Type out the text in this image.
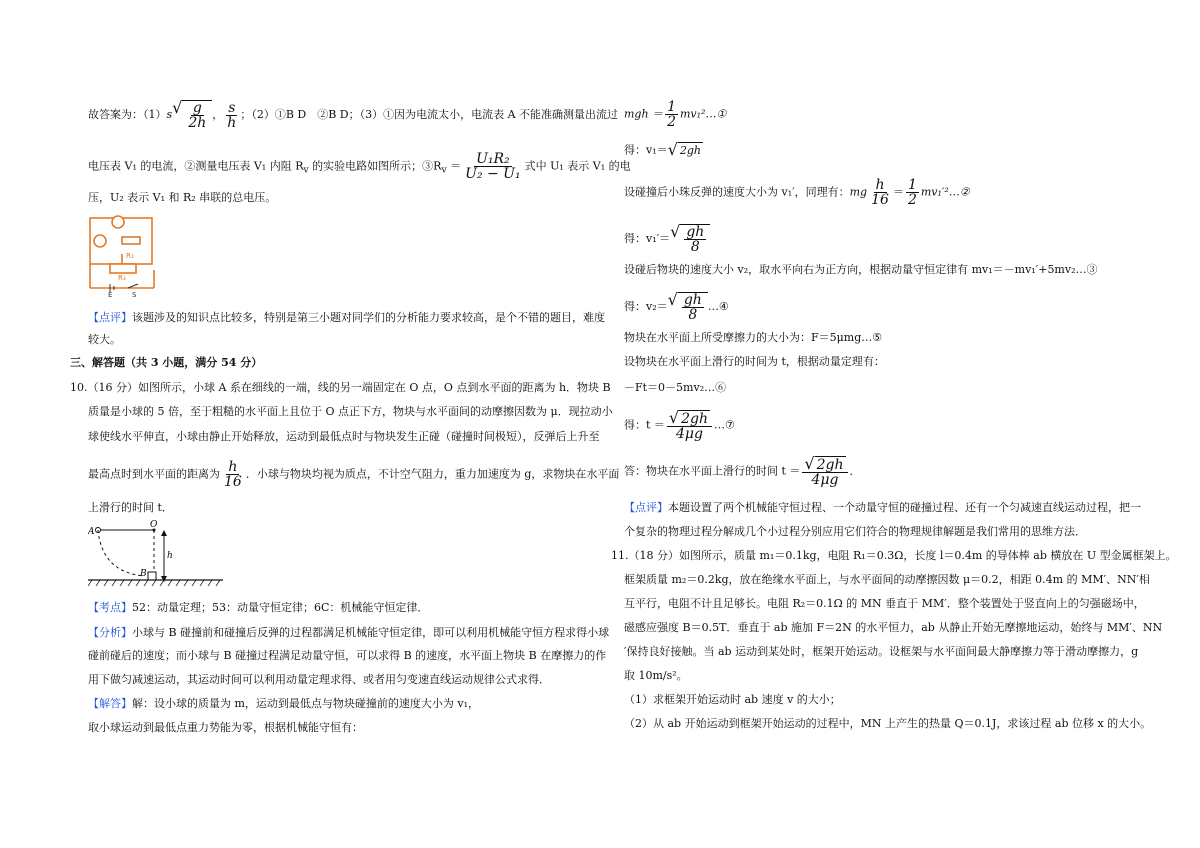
故答案为：（1）s √ $\frac{g}{2h}$ ， $\frac{s}{h}$ ；（2）①B D　②B D；（3）①因为电流太小，电流表 A 不能准确测量出流过
电压表 V₁ 的电流，②测量电压表 V₁ 内阻 $R_v$ 的实验电路如图所示；$③R_v = \frac{\text{U₁R₂}}{\text{U₂ − U₁}}$ 式中 U₁ 表示 V₁ 的电
压，U₂ 表示 V₁ 和 R₂ 串联的总电压。
R₂
R₃
E	S
【点评】该题涉及的知识点比较多，特别是第三小题对同学们的分析能力要求较高，是个不错的题目，难度
较大。
三、解答题（共 3 小题，满分 54 分）
10.（16 分）如图所示，小球 A 系在细线的一端，线的另一端固定在 O 点，O 点到水平面的距离为 h．物块 B
质量是小球的 5 倍，至于粗糙的水平面上且位于 O 点正下方，物块与水平面间的动摩擦因数为 μ．现拉动小
球使线水平伸直，小球由静止开始释放，运动到最低点时与物块发生正碰（碰撞时间极短），反弹后上升至
最高点时到水平面的距离为 $\frac{h}{16}$ ．小球与物块均视为质点，不计空气阻力，重力加速度为 g，求物块在水平面
上滑行的时间 t．
A
O
h
B
【考点】52：动量定理；53：动量守恒定律；6C：机械能守恒定律．
【分析】小球与 B 碰撞前和碰撞后反弹的过程都满足机械能守恒定律，即可以利用机械能守恒方程求得小球
碰前碰后的速度；而小球与 B 碰撞过程满足动量守恒，可以求得 B 的速度，水平面上物块 B 在摩擦力的作
用下做匀减速运动，其运动时间可以利用动量定理求得、或者用匀变速直线运动规律公式求得．
【解答】解：设小球的质量为 m，运动到最低点与物块碰撞前的速度大小为 v₁，
取小球运动到最低点重力势能为零，根据机械能守恒有：
mgh ＝ $\frac{1}{2}$ mv₁²…①
得：v₁＝ √ 2gh
设碰撞后小珠反弹的速度大小为 v₁′，同理有：mg $\frac{h}{16} = \frac{1}{2}$ mv₁′²…②
得：v₁′＝ √ $\frac{gh}{8}$
设碰后物块的速度大小 v₂，取水平向右为正方向，根据动量守恒定律有 mv₁＝－mv₁′+5mv₂…③
得：v₂＝ √ $\frac{gh}{8}$ …④
物块在水平面上所受摩擦力的大小为：F＝5μmg…⑤
设物块在水平面上滑行的时间为 t，根据动量定理有：
－Ft＝0－5mv₂…⑥
得：$t = \frac{√ 2gh}{4\mu g}$ …⑦
答：物块在水平面上滑行的时间 $t = \frac{√ 2gh}{4\mu g}$ ．
【点评】本题设置了两个机械能守恒过程、一个动量守恒的碰撞过程、还有一个匀减速直线运动过程，把一
个复杂的物理过程分解成几个小过程分别应用它们符合的物理规律解题是我们常用的思维方法．
11.（18 分）如图所示，质量 m₁＝0.1kg，电阻 R₁＝0.3Ω，长度 l＝0.4m 的导体棒 ab 横放在 U 型金属框架上。
框架质量 m₂＝0.2kg，放在绝缘水平面上，与水平面间的动摩擦因数 μ＝0.2，相距 0.4m 的 MM′、NN′相
互平行，电阻不计且足够长。电阻 R₂＝0.1Ω 的 MN 垂直于 MM′．整个装置处于竖直向上的匀强磁场中，
磁感应强度 B＝0.5T．垂直于 ab 施加 F＝2N 的水平恒力，ab 从静止开始无摩擦地运动，始终与 MM′、NN
′保持良好接触。当 ab 运动到某处时，框架开始运动。设框架与水平面间最大静摩擦力等于滑动摩擦力，g
取 10m/s²。
（1）求框架开始运动时 ab 速度 v 的大小；
（2）从 ab 开始运动到框架开始运动的过程中，MN 上产生的热量 Q＝0.1J，求该过程 ab 位移 x 的大小。
